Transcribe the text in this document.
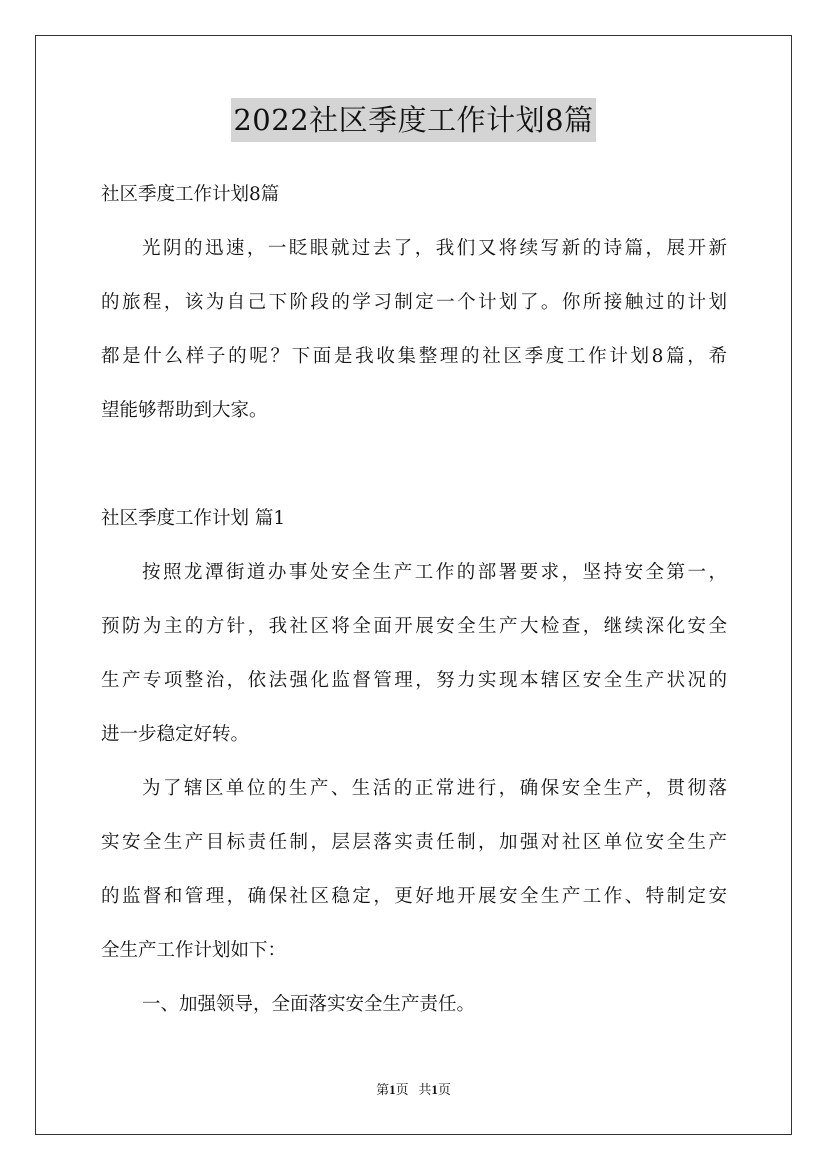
2022社区季度工作计划8篇
社区季度工作计划8篇
光阴的迅速，一眨眼就过去了，我们又将续写新的诗篇，展开新
的旅程，该为自己下阶段的学习制定一个计划了。你所接触过的计划
都是什么样子的呢？下面是我收集整理的社区季度工作计划8篇，希
望能够帮助到大家。
社区季度工作计划 篇1
按照龙潭街道办事处安全生产工作的部署要求，坚持安全第一，
预防为主的方针，我社区将全面开展安全生产大检查，继续深化安全
生产专项整治，依法强化监督管理，努力实现本辖区安全生产状况的
进一步稳定好转。
为了辖区单位的生产、生活的正常进行，确保安全生产，贯彻落
实安全生产目标责任制，层层落实责任制，加强对社区单位安全生产
的监督和管理，确保社区稳定，更好地开展安全生产工作、特制定安
全生产工作计划如下：
一、加强领导，全面落实安全生产责任。
第1页 共1页
